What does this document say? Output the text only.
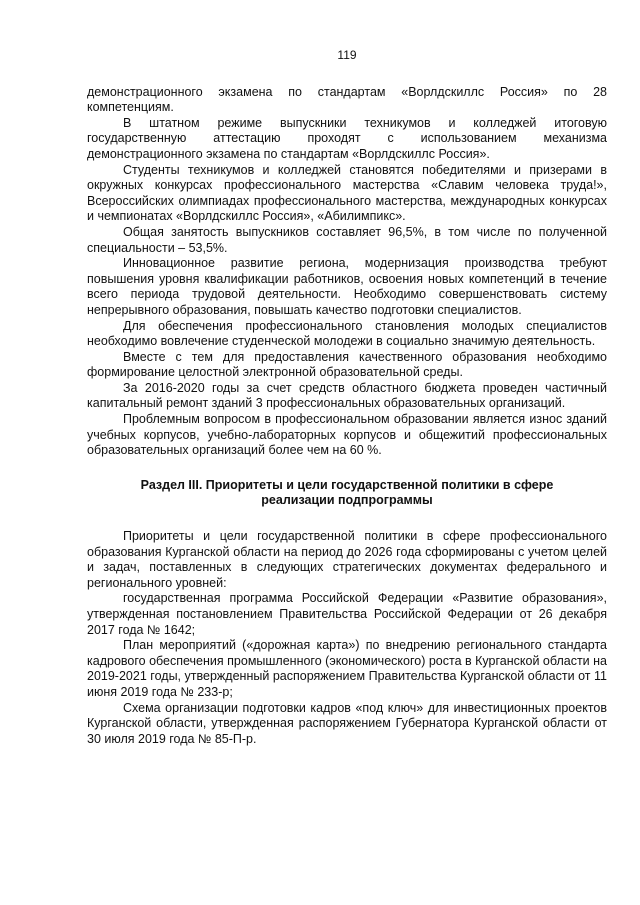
119

демонстрационного экзамена по стандартам «Ворлдскиллс Россия» по 28 компетенциям.

В штатном режиме выпускники техникумов и колледжей итоговую государственную аттестацию проходят с использованием механизма демонстрационного экзамена по стандартам «Ворлдскиллс Россия».

Студенты техникумов и колледжей становятся победителями и призерами в окружных конкурсах профессионального мастерства «Славим человека труда!», Всероссийских олимпиадах профессионального мастерства, международных конкурсах и чемпионатах «Ворлдскиллс Россия», «Абилимпикс».

Общая занятость выпускников составляет 96,5%, в том числе по полученной специальности – 53,5%.

Инновационное развитие региона, модернизация производства требуют повышения уровня квалификации работников, освоения новых компетенций в течение всего периода трудовой деятельности. Необходимо совершенствовать систему непрерывного образования, повышать качество подготовки специалистов.

Для обеспечения профессионального становления молодых специалистов необходимо вовлечение студенческой молодежи в социально значимую деятельность.

Вместе с тем для предоставления качественного образования необходимо формирование целостной электронной образовательной среды.

За 2016-2020 годы за счет средств областного бюджета проведен частичный капитальный ремонт зданий 3 профессиональных образовательных организаций.

Проблемным вопросом в профессиональном образовании является износ зданий учебных корпусов, учебно-лабораторных корпусов и общежитий профессиональных образовательных организаций более чем на 60 %.

Раздел III. Приоритеты и цели государственной политики в сфере
реализации подпрограммы

Приоритеты и цели государственной политики в сфере профессионального образования Курганской области на период до 2026 года сформированы с учетом целей и задач, поставленных в следующих стратегических документах федерального и регионального уровней:

государственная программа Российской Федерации «Развитие образования», утвержденная постановлением Правительства Российской Федерации от 26 декабря 2017 года № 1642;

План мероприятий («дорожная карта») по внедрению регионального стандарта кадрового обеспечения промышленного (экономического) роста в Курганской области на 2019-2021 годы, утвержденный распоряжением Правительства Курганской области от 11 июня 2019 года № 233-р;

Схема организации подготовки кадров «под ключ» для инвестиционных проектов Курганской области, утвержденная распоряжением Губернатора Курганской области от 30 июля 2019 года № 85-П-р.
